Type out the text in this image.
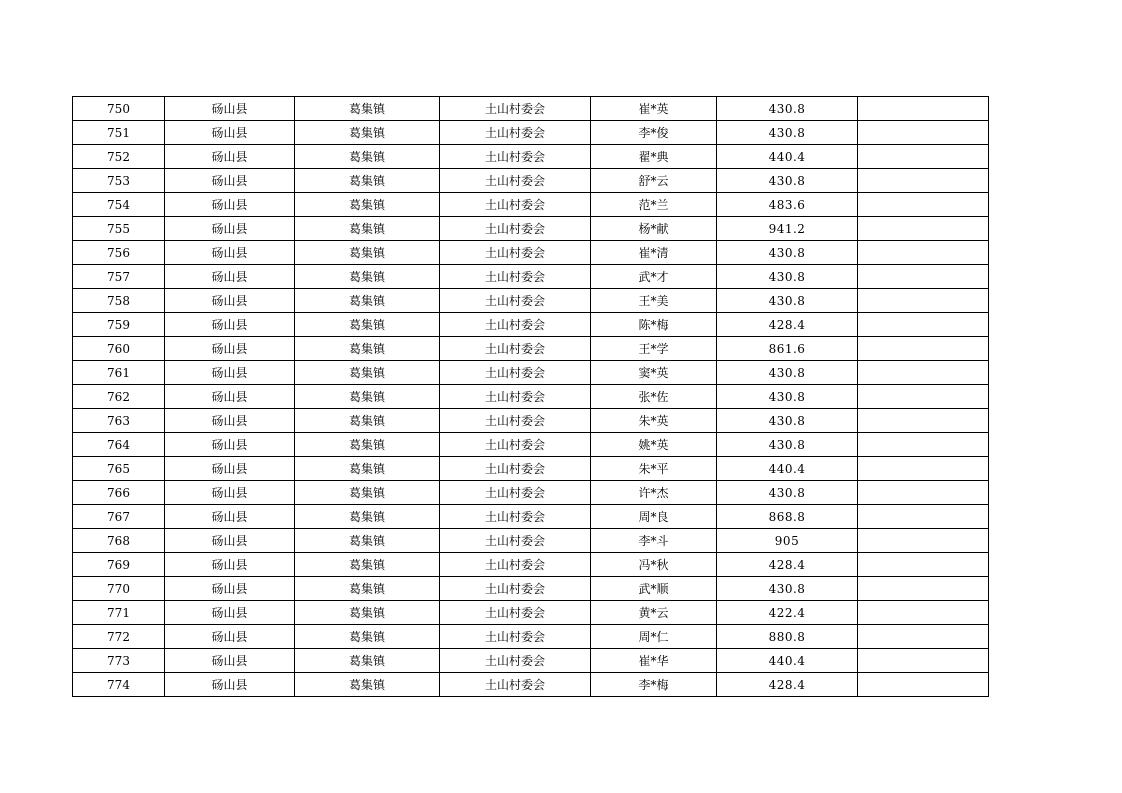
750	砀山县	葛集镇	土山村委会	崔*英	430.8	
751	砀山县	葛集镇	土山村委会	李*俊	430.8	
752	砀山县	葛集镇	土山村委会	翟*典	440.4	
753	砀山县	葛集镇	土山村委会	舒*云	430.8	
754	砀山县	葛集镇	土山村委会	范*兰	483.6	
755	砀山县	葛集镇	土山村委会	杨*献	941.2	
756	砀山县	葛集镇	土山村委会	崔*清	430.8	
757	砀山县	葛集镇	土山村委会	武*才	430.8	
758	砀山县	葛集镇	土山村委会	王*美	430.8	
759	砀山县	葛集镇	土山村委会	陈*梅	428.4	
760	砀山县	葛集镇	土山村委会	王*学	861.6	
761	砀山县	葛集镇	土山村委会	窦*英	430.8	
762	砀山县	葛集镇	土山村委会	张*佐	430.8	
763	砀山县	葛集镇	土山村委会	朱*英	430.8	
764	砀山县	葛集镇	土山村委会	姚*英	430.8	
765	砀山县	葛集镇	土山村委会	朱*平	440.4	
766	砀山县	葛集镇	土山村委会	许*杰	430.8	
767	砀山县	葛集镇	土山村委会	周*良	868.8	
768	砀山县	葛集镇	土山村委会	李*斗	905	
769	砀山县	葛集镇	土山村委会	冯*秋	428.4	
770	砀山县	葛集镇	土山村委会	武*顺	430.8	
771	砀山县	葛集镇	土山村委会	黄*云	422.4	
772	砀山县	葛集镇	土山村委会	周*仁	880.8	
773	砀山县	葛集镇	土山村委会	崔*华	440.4	
774	砀山县	葛集镇	土山村委会	李*梅	428.4	
